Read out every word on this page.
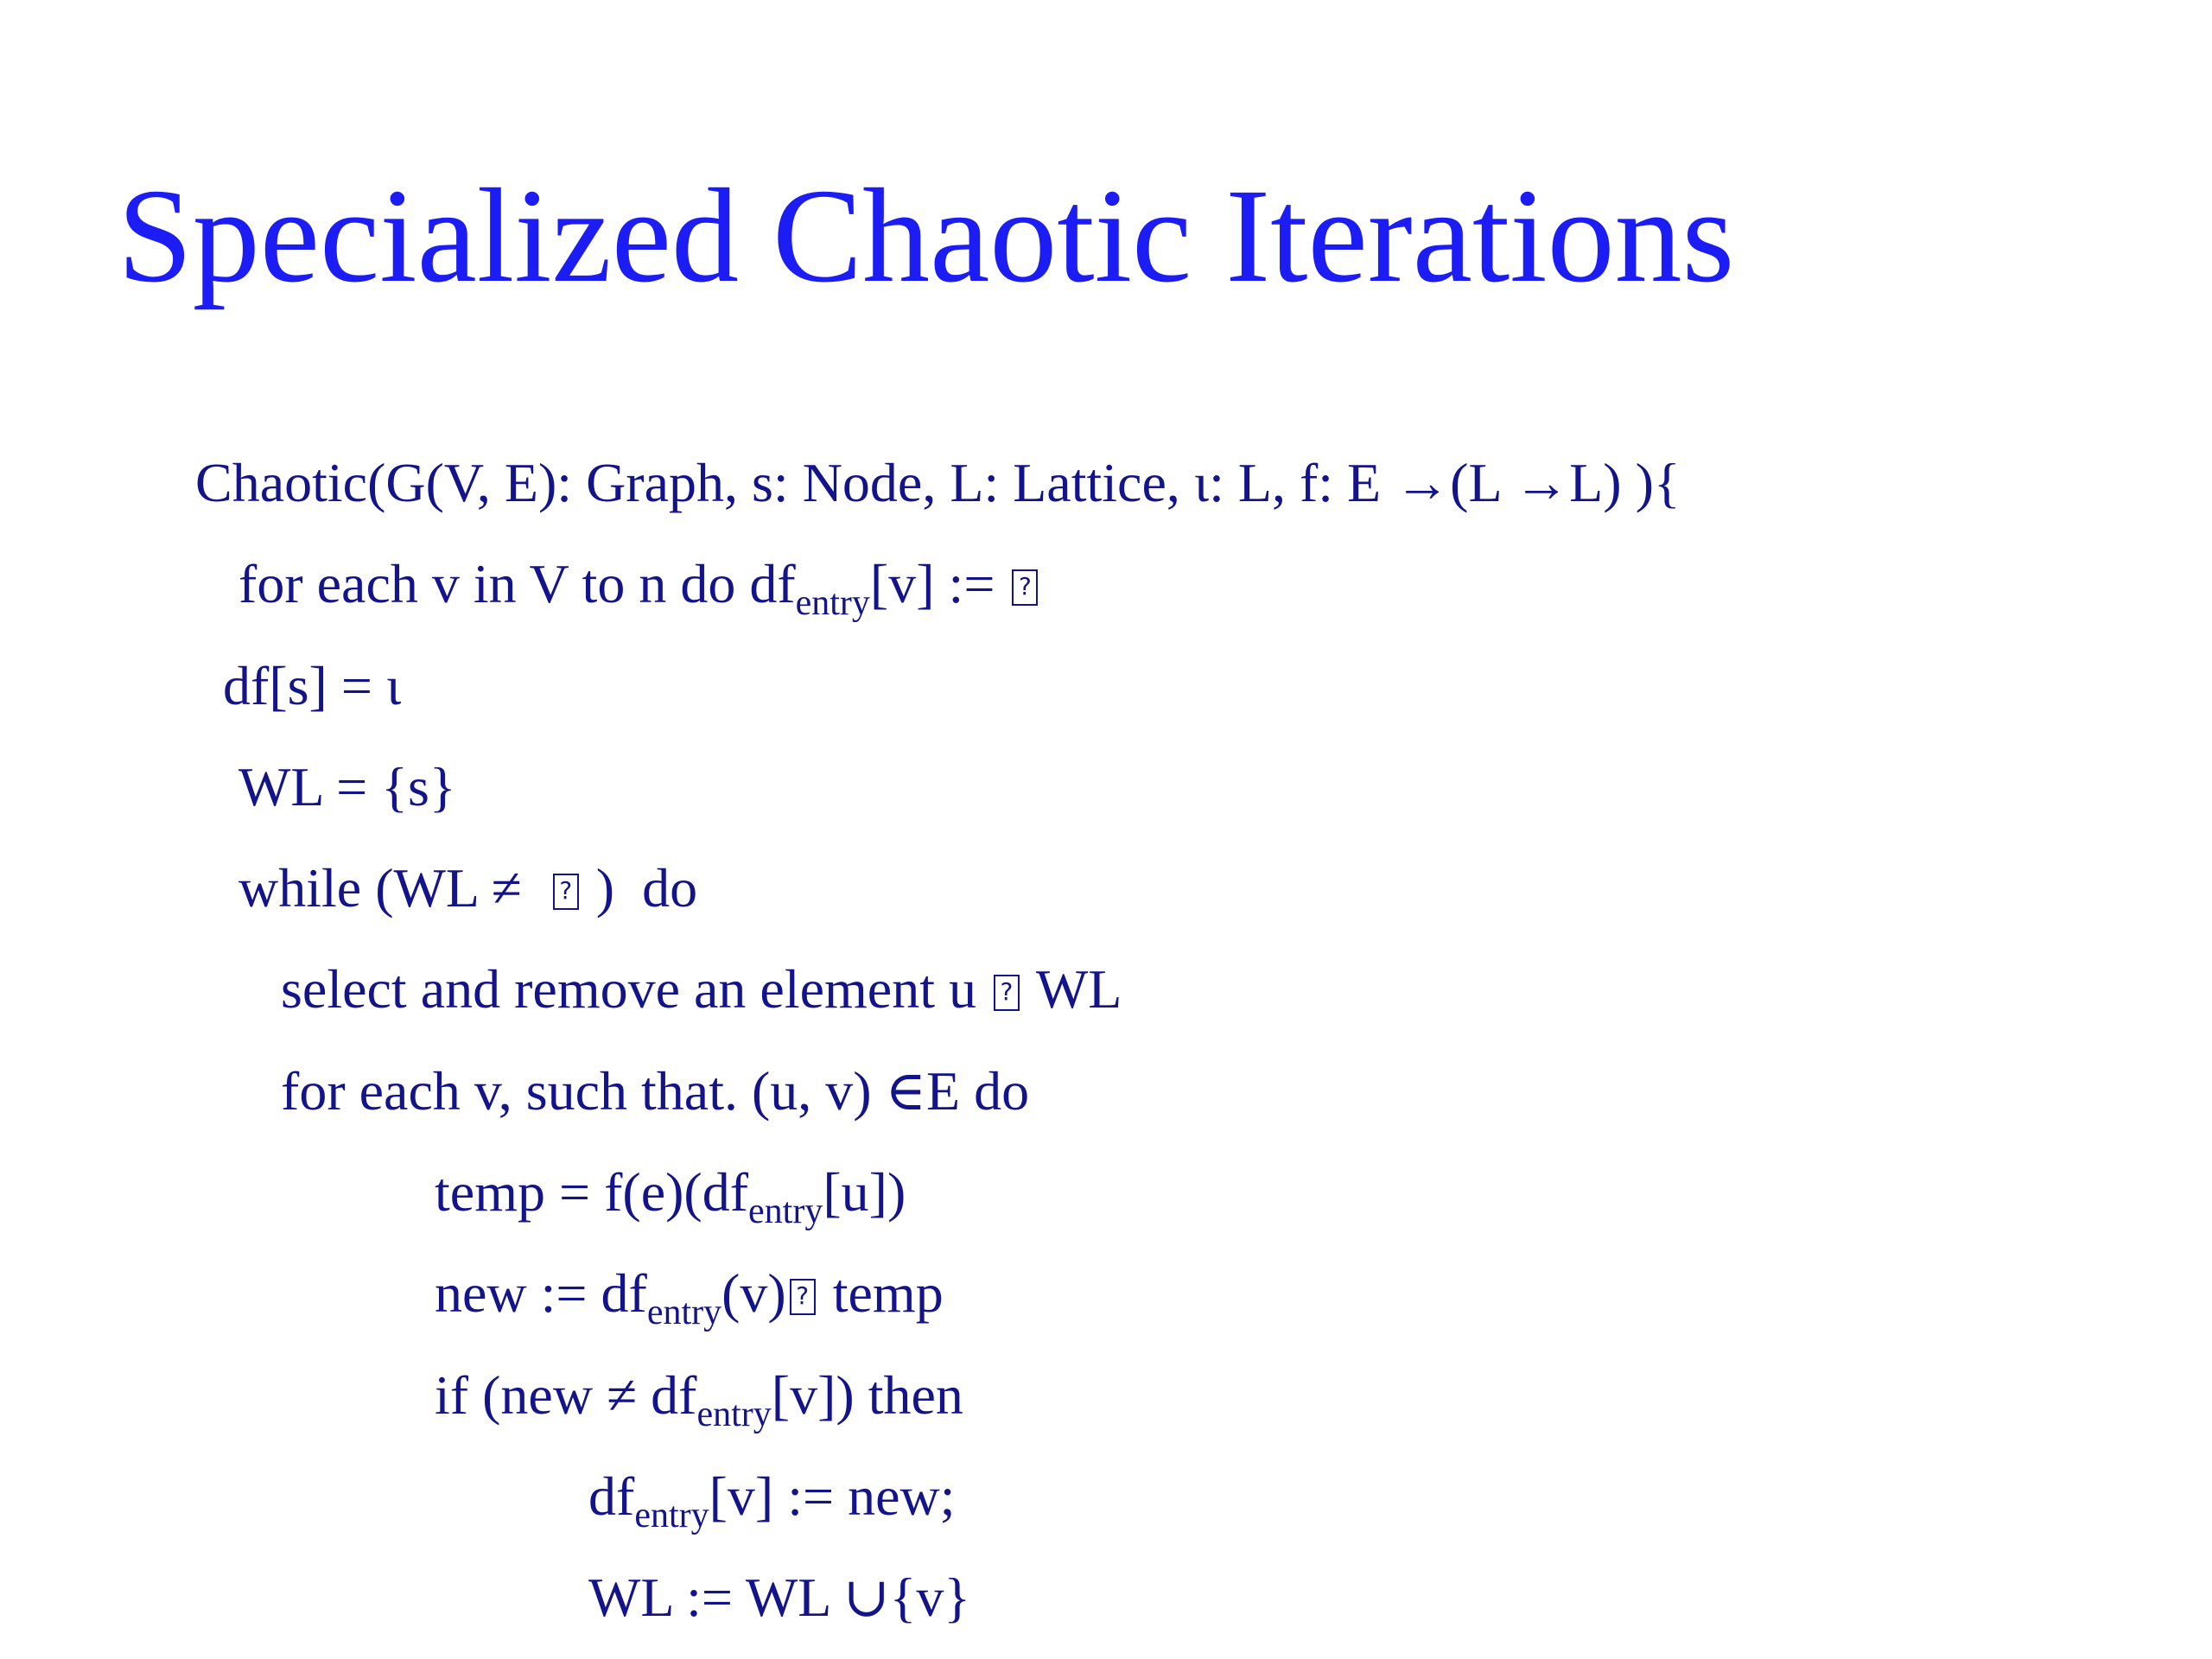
Specialized Chaotic Iterations
Chaotic(G(V, E): Graph, s: Node, L: Lattice, ι: L, f: E →(L →L) ){
for each v in V to n do $df_{entry}[v]$ :=  ?
df[s] = ι
WL = {s}
while (WL ≠   ? )  do
select and remove an element u  ? WL
for each v, such that. (u, v) ∈E do
temp = $f(e)(df_{entry}[u])$
new := $df_{entry}(v)$ ? temp
if $(new \ne df_{entry}[v])$ then
$df_{entry}[v]$ := new;
WL := WL ∪{v}
